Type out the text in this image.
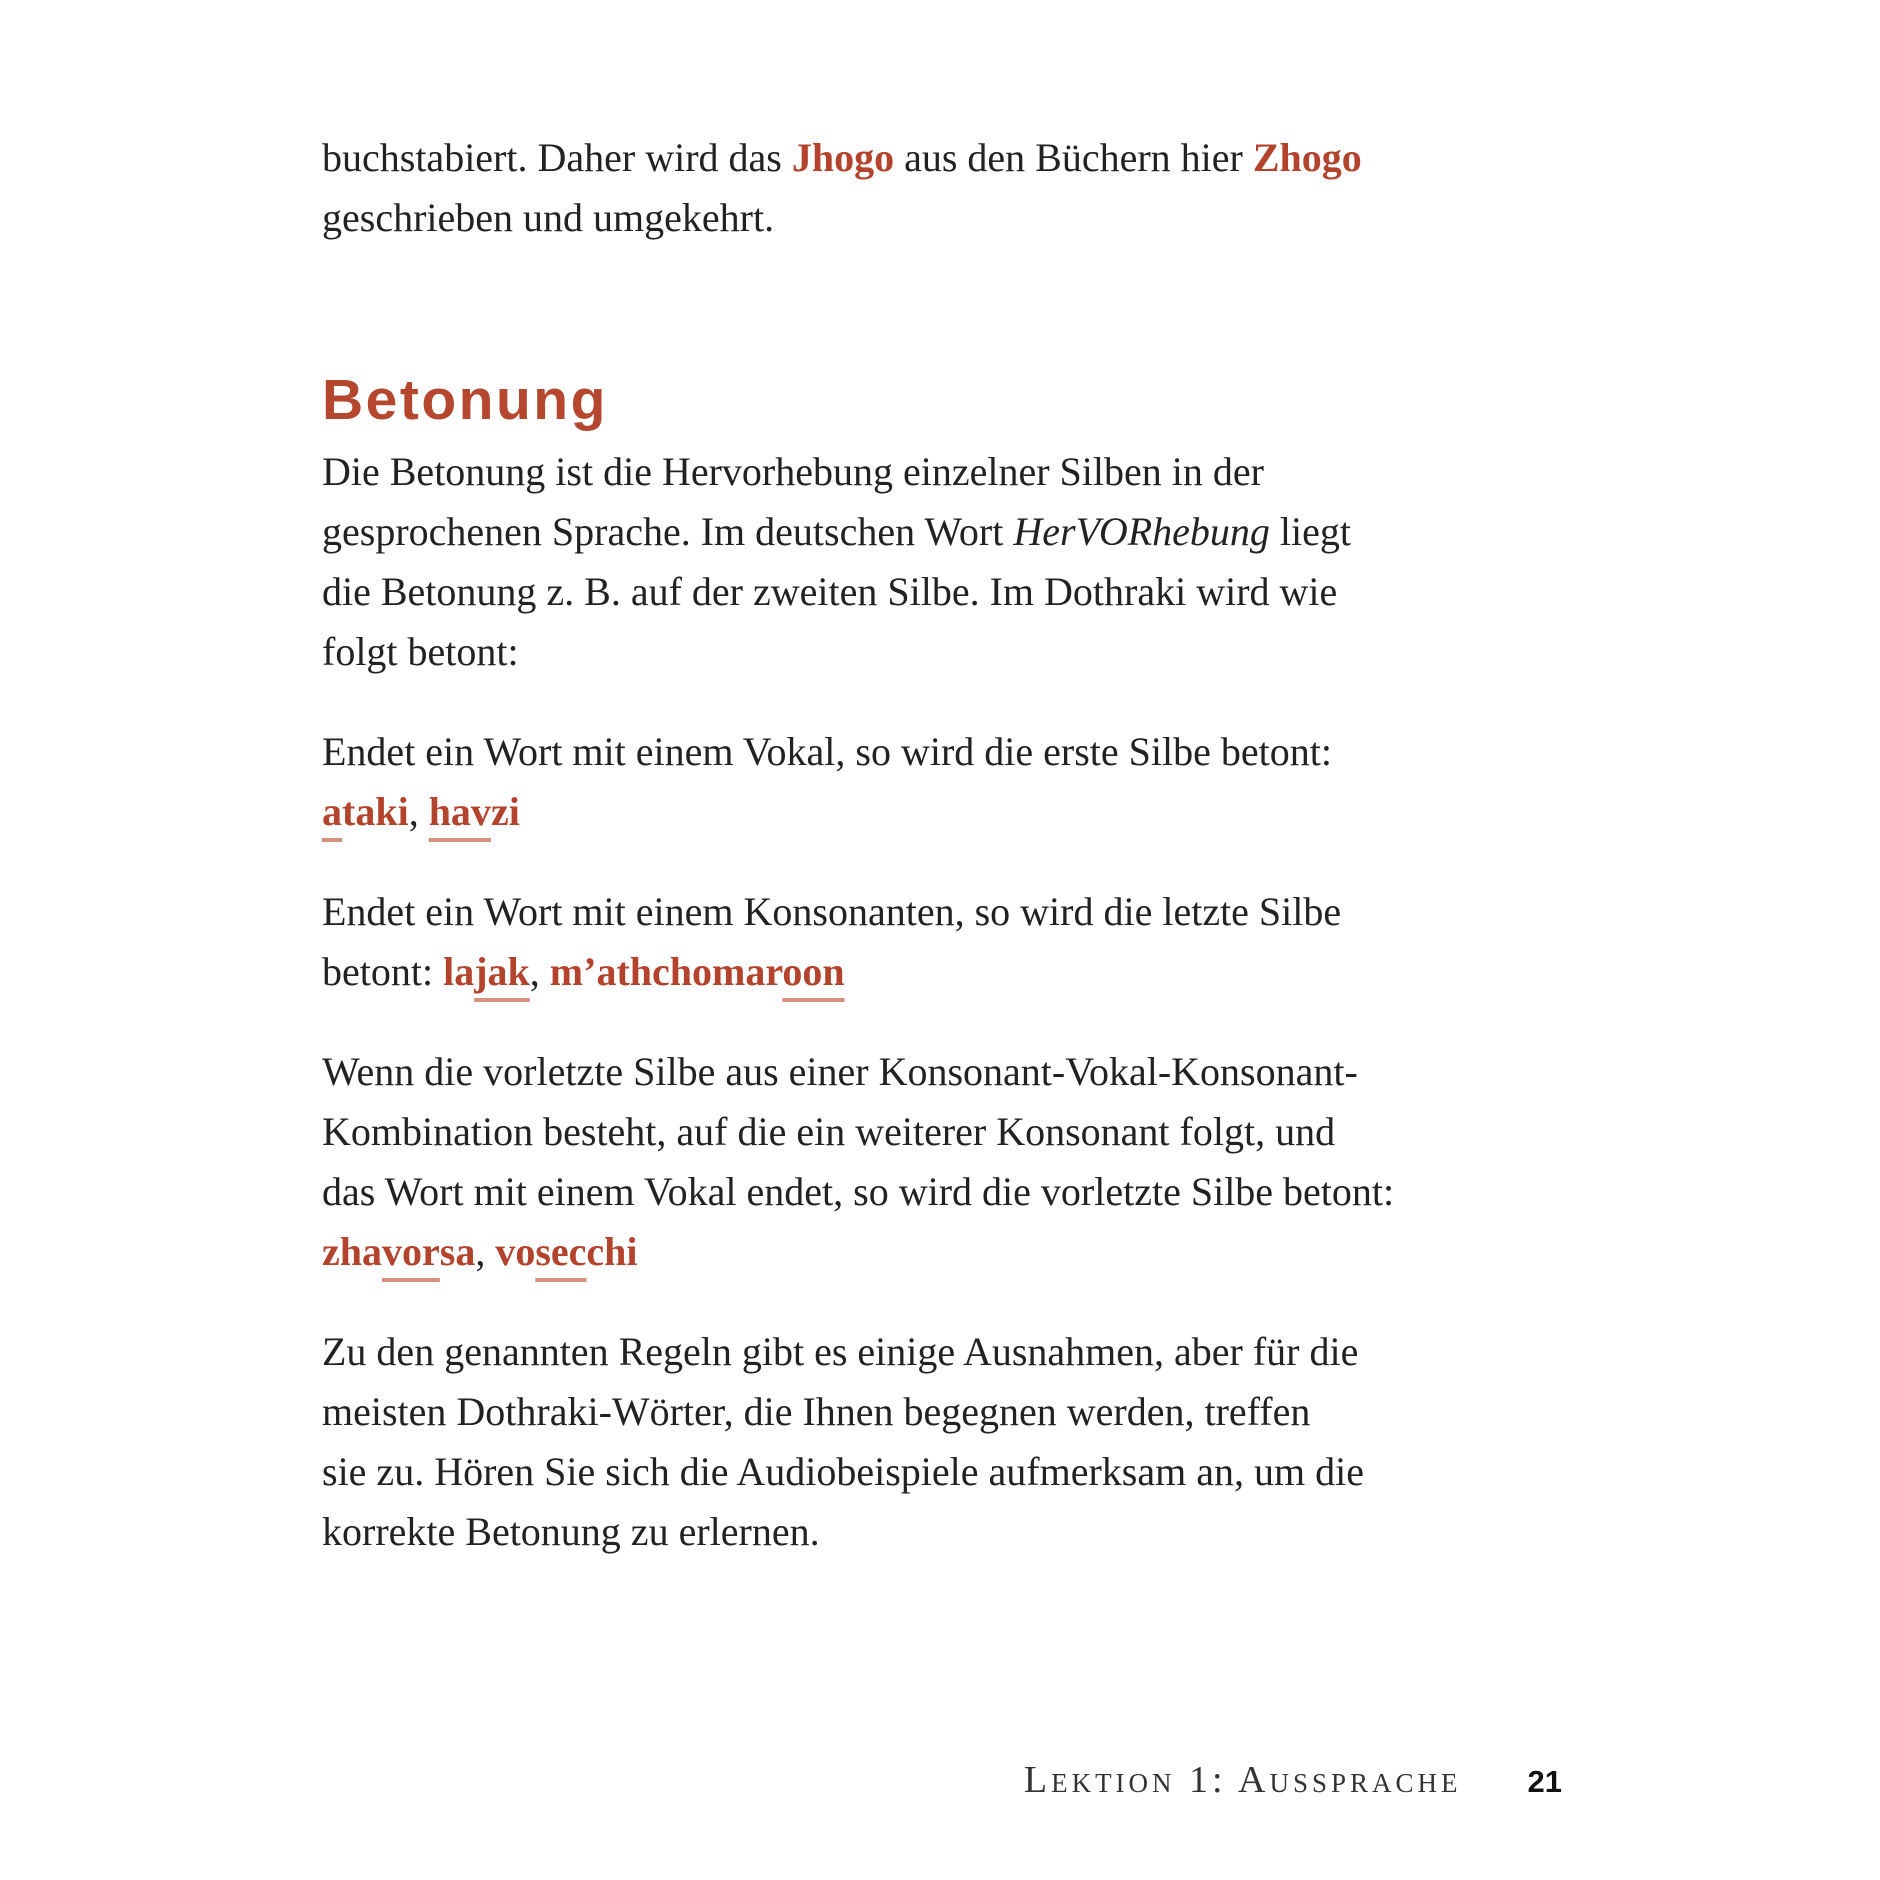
buchstabiert. Daher wird das Jhogo aus den Büchern hier Zhogo
geschrieben und umgekehrt.

Betonung

Die Betonung ist die Hervorhebung einzelner Silben in der
gesprochenen Sprache. Im deutschen Wort HerVORhebung liegt
die Betonung z. B. auf der zweiten Silbe. Im Dothraki wird wie
folgt betont:

Endet ein Wort mit einem Vokal, so wird die erste Silbe betont:
ataki, havzi

Endet ein Wort mit einem Konsonanten, so wird die letzte Silbe
betont: lajak, m’athchomaroon

Wenn die vorletzte Silbe aus einer Konsonant-Vokal-Konsonant-
Kombination besteht, auf die ein weiterer Konsonant folgt, und
das Wort mit einem Vokal endet, so wird die vorletzte Silbe betont:
zhavorsa, vosecchi

Zu den genannten Regeln gibt es einige Ausnahmen, aber für die
meisten Dothraki-Wörter, die Ihnen begegnen werden, treffen
sie zu. Hören Sie sich die Audiobeispiele aufmerksam an, um die
korrekte Betonung zu erlernen.

Lektion 1: Aussprache 21
